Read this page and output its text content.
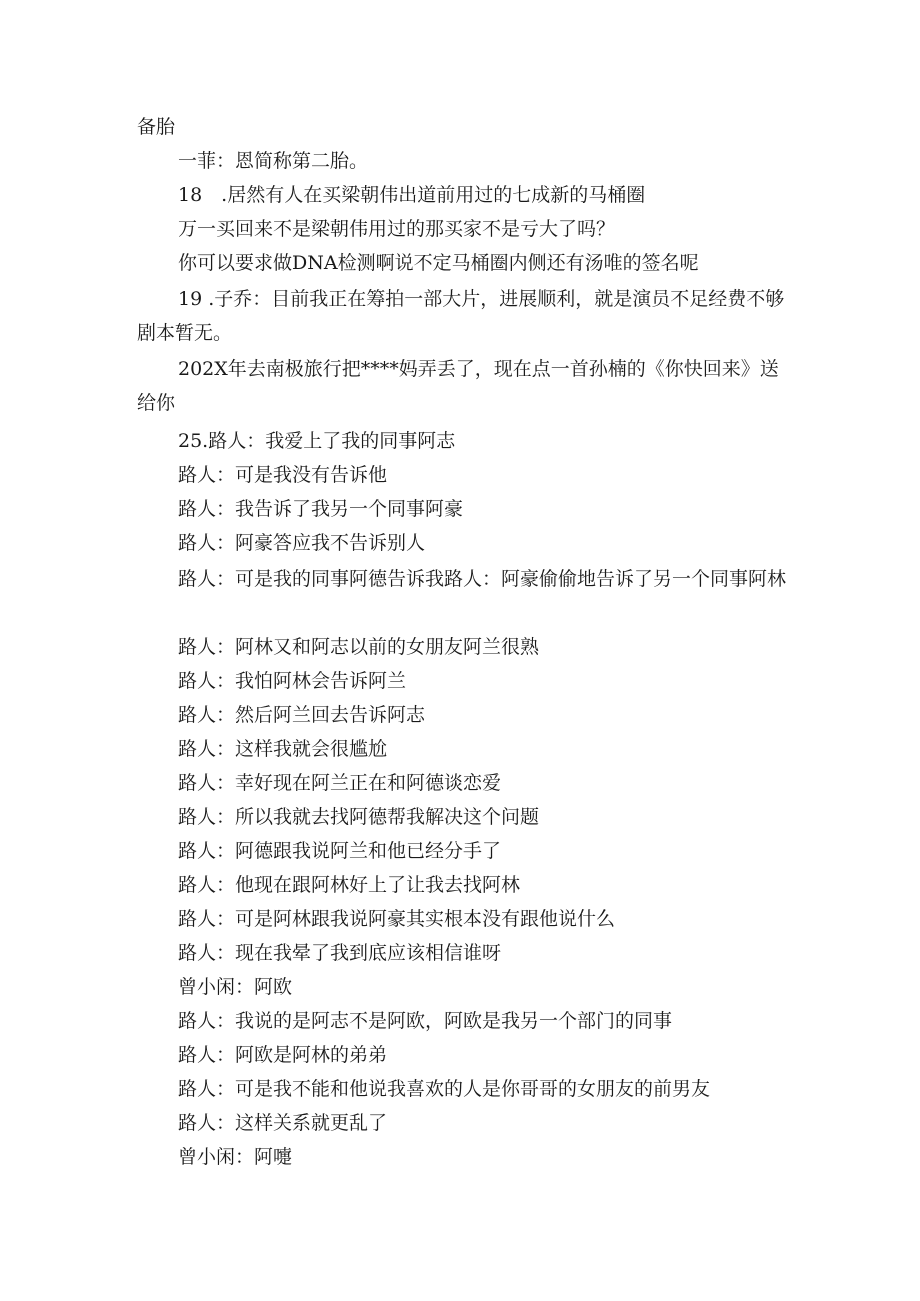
备胎

一菲：恩简称第二胎。

18　.居然有人在买梁朝伟出道前用过的七成新的马桶圈

万一买回来不是梁朝伟用过的那买家不是亏大了吗？

你可以要求做DNA检测啊说不定马桶圈内侧还有汤唯的签名呢

19 .子乔：目前我正在筹拍一部大片，进展顺利，就是演员不足经费不够剧本暂无。

202X年去南极旅行把****妈弄丢了，现在点一首孙楠的《你快回来》送给你

25.路人：我爱上了我的同事阿志

路人：可是我没有告诉他

路人：我告诉了我另一个同事阿豪

路人：阿豪答应我不告诉别人

路人：可是我的同事阿德告诉我路人：阿豪偷偷地告诉了另一个同事阿林

路人：阿林又和阿志以前的女朋友阿兰很熟

路人：我怕阿林会告诉阿兰

路人：然后阿兰回去告诉阿志

路人：这样我就会很尴尬

路人：幸好现在阿兰正在和阿德谈恋爱

路人：所以我就去找阿德帮我解决这个问题

路人：阿德跟我说阿兰和他已经分手了

路人：他现在跟阿林好上了让我去找阿林

路人：可是阿林跟我说阿豪其实根本没有跟他说什么

路人：现在我晕了我到底应该相信谁呀

曾小闲：阿欧

路人：我说的是阿志不是阿欧，阿欧是我另一个部门的同事

路人：阿欧是阿林的弟弟

路人：可是我不能和他说我喜欢的人是你哥哥的女朋友的前男友

路人：这样关系就更乱了

曾小闲：阿嚏
